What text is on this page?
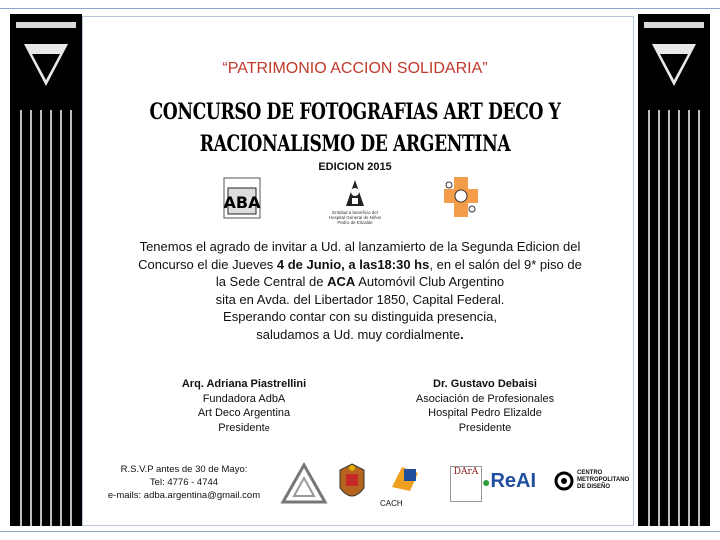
“PATRIMONIO ACCION SOLIDARIA”
CONCURSO DE FOTOGRAFIAS ART DECO Y
RACIONALISMO DE ARGENTINA
EDICION 2015
ABA
Entidad a beneficio del Hospital General de Niños Pedro de Elizalde
Tenemos el agrado de invitar a Ud. al lanzamierto de la Segunda Edicion del
Concurso el die Jueves 4 de Junio, a las18:30 hs, en el salón del 9* piso de
la Sede Central de ACA Automóvil Club Argentino
sita en Avda. del Libertador 1850, Capital Federal.
Esperando contar con su distinguida presencia,
saludamos a Ud. muy cordialmente.
Arq. Adriana Piastrellini
Fundadora AdbA
Art Deco Argentina
Presidente
Dr. Gustavo Debaisi
Asociación de Profesionales
Hospital Pedro Elizalde
Presidente
R.S.V.P antes de 30 de Mayo:
Tel: 4776 - 4744
e-mails: adba.argentina@gmail.com
CACH
DArA
●ReAI	CENTRO METROPOLITANO DE DISEÑO
